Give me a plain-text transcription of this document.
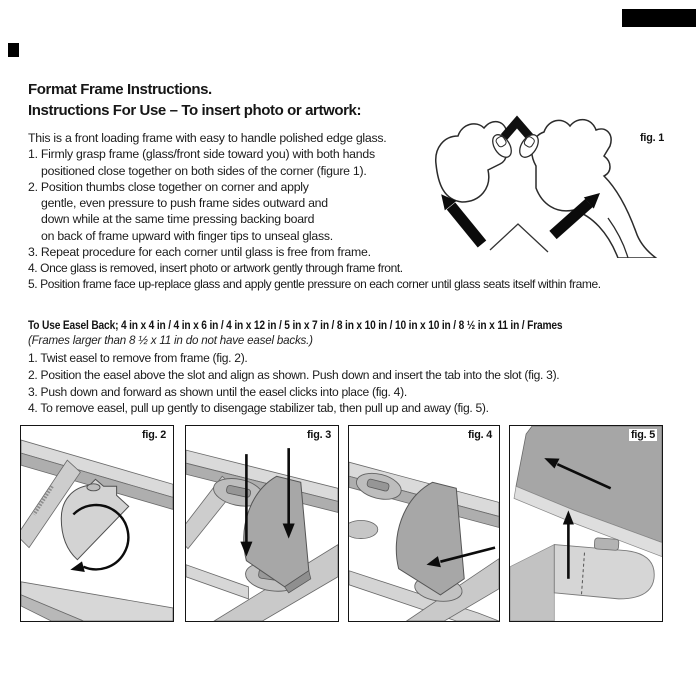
Format Frame Instructions.
Instructions For Use – To insert photo or artwork:
This is a front loading frame with easy to handle polished edge glass.
1. Firmly grasp frame (glass/front side toward you) with both hands
positioned close together on both sides of the corner (figure 1).
2. Position thumbs close together on corner and apply
gentle, even pressure to push frame sides outward and
down while at the same time pressing backing board
on back of frame upward with finger tips to unseal glass.
3. Repeat procedure for each corner until glass is free from frame.
4. Once glass is removed, insert photo or artwork gently through frame front.
5. Position frame face up-replace glass and apply gentle pressure on each corner until glass seats itself within frame.
fig. 1
To Use Easel Back; 4 in x 4 in / 4 in x 6 in / 4 in x 12 in / 5 in x 7 in / 8 in x 10 in / 10 in x 10 in / 8 ½ in x 11 in / Frames
(Frames larger than 8 ½ x 11 in do not have easel backs.)
1. Twist easel to remove from frame (fig. 2).
2. Position the easel above the slot and align as shown. Push down and insert the tab into the slot (fig. 3).
3. Push down and forward as shown until the easel clicks into place (fig. 4).
4. To remove easel, pull up gently to disengage stabilizer tab, then pull up and away (fig. 5).
fig. 2	fig. 3	fig. 4	fig. 5
